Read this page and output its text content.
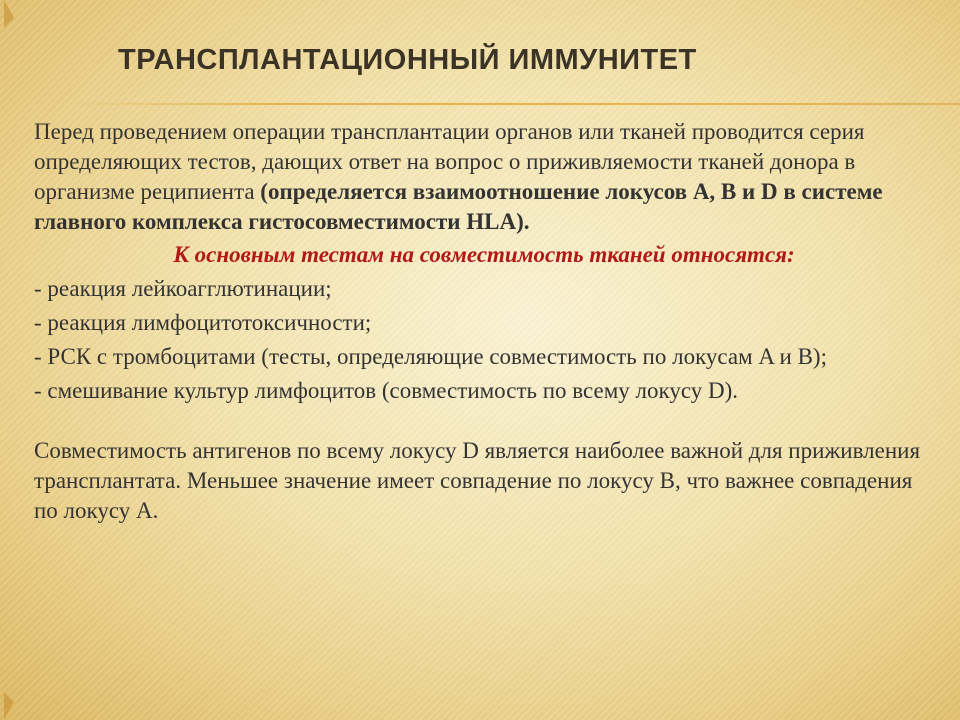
ТРАНСПЛАНТАЦИОННЫЙ ИММУНИТЕТ

Перед проведением операции трансплантации органов или тканей проводится серия определяющих тестов, дающих ответ на вопрос о приживляемости тканей донора в организме реципиента (определяется взаимоотношение локусов A, B и D в системе главного комплекса гистосовместимости HLA).

К основным тестам на совместимость тканей относятся:

- реакция лейкоагглютинации;

- реакция лимфоцитотоксичности;

- РСК с тромбоцитами (тесты, определяющие совместимость по локусам A и B);

- смешивание культур лимфоцитов (совместимость по всему локусу D).

Совместимость антигенов по всему локусу D является наиболее важной для приживления трансплантата. Меньшее значение имеет совпадение по локусу B, что важнее совпадения по локусу A.
